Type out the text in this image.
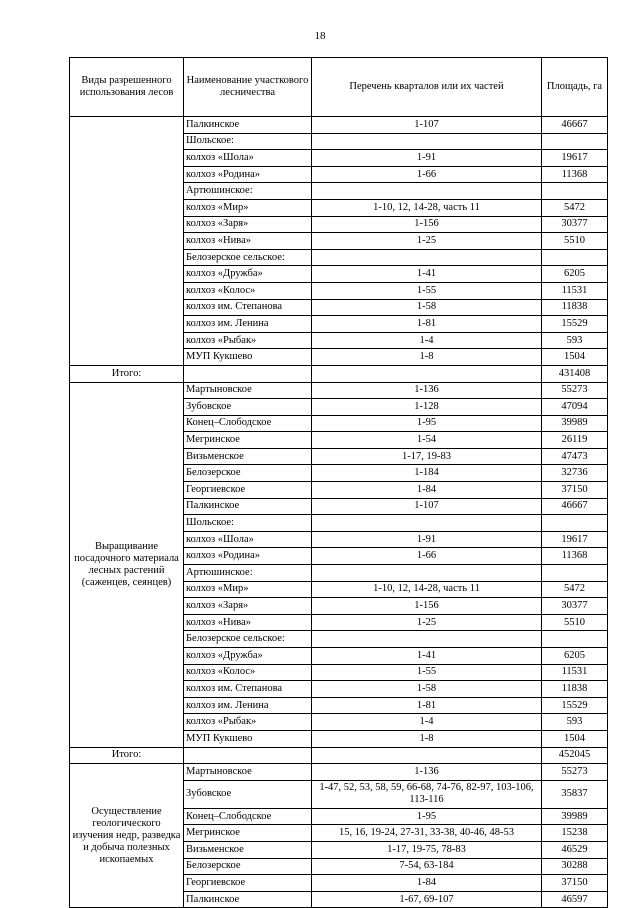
18
Виды разрешенного использования лесов	Наименование участкового лесничества	Перечень кварталов или их частей	Площадь, га
	Палкинское	1-107	46667
	Шольское:		
	колхоз «Шола»	1-91	19617
	колхоз «Родина»	1-66	11368
	Артюшинское:		
	колхоз «Мир»	1-10, 12, 14-28, часть 11	5472
	колхоз «Заря»	1-156	30377
	колхоз «Нива»	1-25	5510
	Белозерское сельское:		
	колхоз «Дружба»	1-41	6205
	колхоз «Колос»	1-55	11531
	колхоз им. Степанова	1-58	11838
	колхоз им. Ленина	1-81	15529
	колхоз «Рыбак»	1-4	593
	МУП Кукшево	1-8	1504
Итого:			431408
Выращивание посадочного материала лесных растений (саженцев, сеянцев)	Мартыновское	1-136	55273
	Зубовское	1-128	47094
	Конец–Слободское	1-95	39989
	Мегринское	1-54	26119
	Визьменское	1-17, 19-83	47473
	Белозерское	1-184	32736
	Георгиевское	1-84	37150
	Палкинское	1-107	46667
	Шольское:		
	колхоз «Шола»	1-91	19617
	колхоз «Родина»	1-66	11368
	Артюшинское:		
	колхоз «Мир»	1-10, 12, 14-28, часть 11	5472
	колхоз «Заря»	1-156	30377
	колхоз «Нива»	1-25	5510
	Белозерское сельское:		
	колхоз «Дружба»	1-41	6205
	колхоз «Колос»	1-55	11531
	колхоз им. Степанова	1-58	11838
	колхоз им. Ленина	1-81	15529
	колхоз «Рыбак»	1-4	593
	МУП Кукшево	1-8	1504
Итого:			452045
Осуществление геологического изучения недр, разведка и добыча полезных ископаемых	Мартыновское	1-136	55273
	Зубовское	1-47, 52, 53, 58, 59, 66-68, 74-76, 82-97, 103-106, 113-116	35837
	Конец–Слободское	1-95	39989
	Мегринское	15, 16, 19-24, 27-31, 33-38, 40-46, 48-53	15238
	Визьменское	1-17, 19-75, 78-83	46529
	Белозерское	7-54, 63-184	30288
	Георгиевское	1-84	37150
	Палкинское	1-67, 69-107	46597
